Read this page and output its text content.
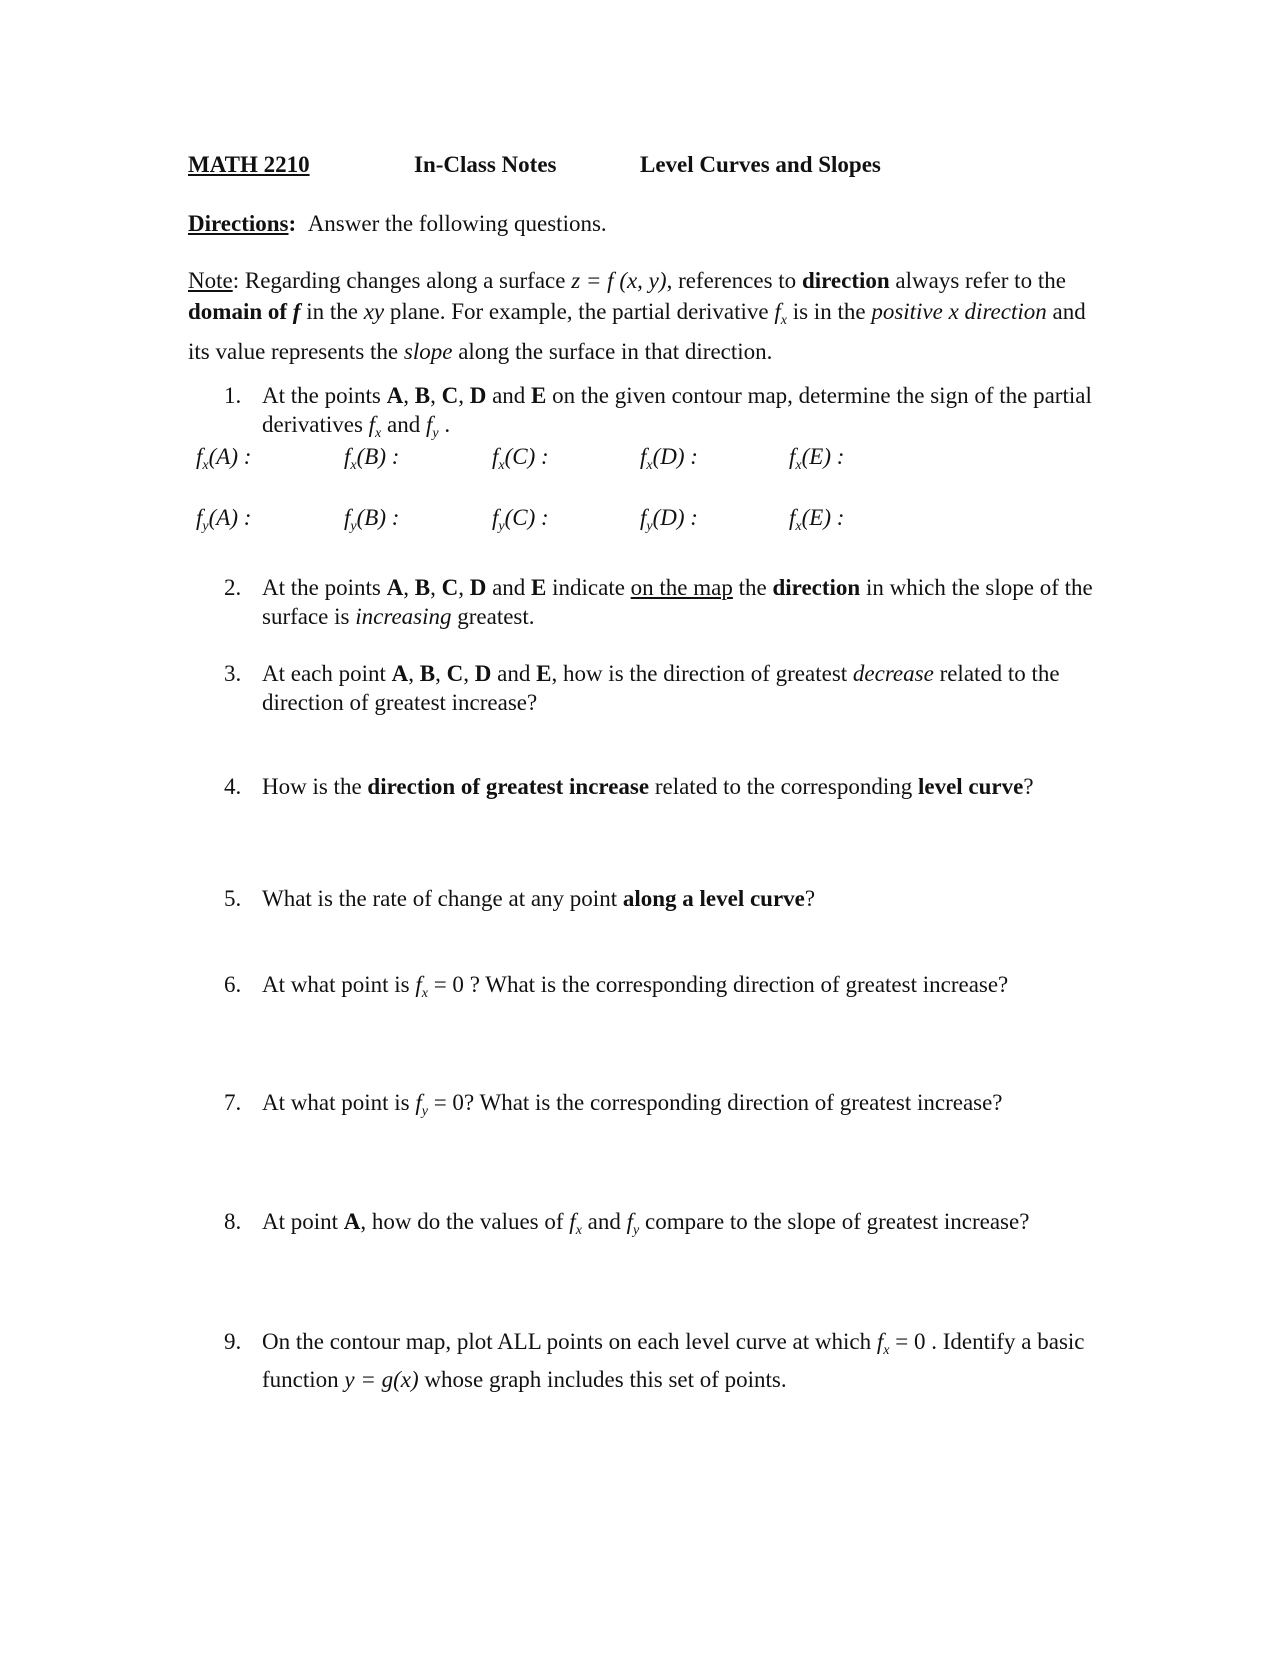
MATH 2210	In-Class Notes	Level Curves and Slopes
Directions: Answer the following questions.
Note: Regarding changes along a surface z = f (x, y), references to direction always refer to the domain of f in the xy plane. For example, the partial derivative $f_x$ is in the positive x direction and its value represents the slope along the surface in that direction.
1. At the points A, B, C, D and E on the given contour map, determine the sign of the partial derivatives $f_x$ and $f_y$ .
$f_x(A)$ :	$f_x(B)$ :	$f_x(C)$ :	$f_x(D)$ :	$f_x(E)$ :
$f_y(A)$ :	$f_y(B)$ :	$f_y(C)$ :	$f_y(D)$ :	$f_x(E)$ :
2. At the points A, B, C, D and E indicate on the map the direction in which the slope of the surface is increasing greatest.
3. At each point A, B, C, D and E, how is the direction of greatest decrease related to the direction of greatest increase?
4. How is the direction of greatest increase related to the corresponding level curve?
5. What is the rate of change at any point along a level curve?
6. At what point is $f_x = 0$ ? What is the corresponding direction of greatest increase?
7. At what point is $f_y = 0$? What is the corresponding direction of greatest increase?
8. At point A, how do the values of $f_x$ and $f_y$ compare to the slope of greatest increase?
9. On the contour map, plot ALL points on each level curve at which $f_x = 0$ . Identify a basic function y = g(x) whose graph includes this set of points.
